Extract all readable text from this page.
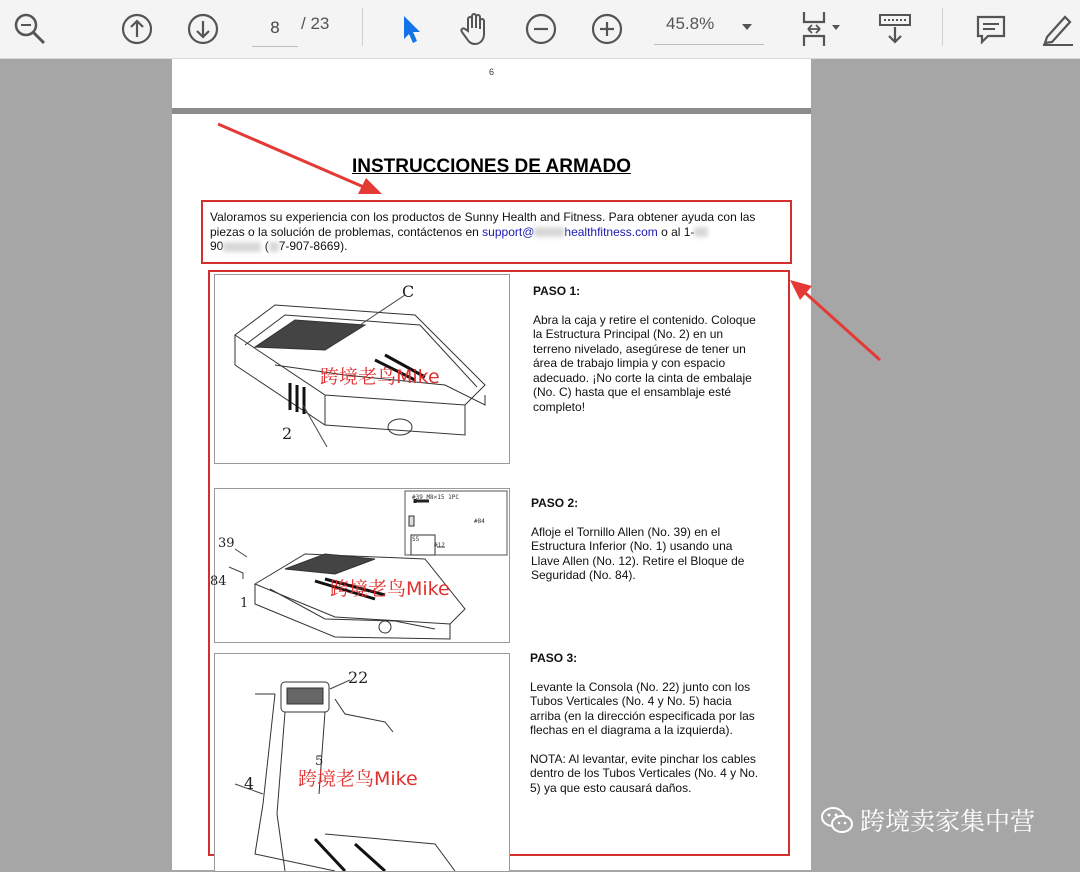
8
/ 23	45.8%
6
INSTRUCCIONES DE ARMADO
Valoramos su experiencia con los productos de Sunny Health and Fitness. Para obtener ayuda con las piezas o la solución de problemas, contáctenos en support@	healthfitness.com o al 1-
90	( 7-907-8669).
C
2
跨境老鸟Mike
PASO 1:

Abra la caja y retire el contenido. Coloque la Estructura Principal (No. 2) en un terreno nivelado, asegúrese de tener un área de trabajo limpia y con espacio adecuado. ¡No corte la cinta de embalaje (No. C) hasta que el ensamblaje esté completo!

#39 M8×15 1PC
#84
S5
#12
39
84
1
跨境老鸟Mike
PASO 2:

Afloje el Tornillo Allen (No. 39) en el Estructura Inferior (No. 1) usando una Llave Allen (No. 12). Retire el Bloque de Seguridad (No. 84).

22
5
4 跨境老鸟Mike
PASO 3:

Levante la Consola (No. 22) junto con los Tubos Verticales (No. 4 y No. 5) hacia arriba (en la dirección especificada por las flechas en el diagrama a la izquierda).

NOTA: Al levantar, evite pinchar los cables dentro de los Tubos Verticales (No. 4 y No. 5) ya que esto causará daños.

跨境卖家集中营
